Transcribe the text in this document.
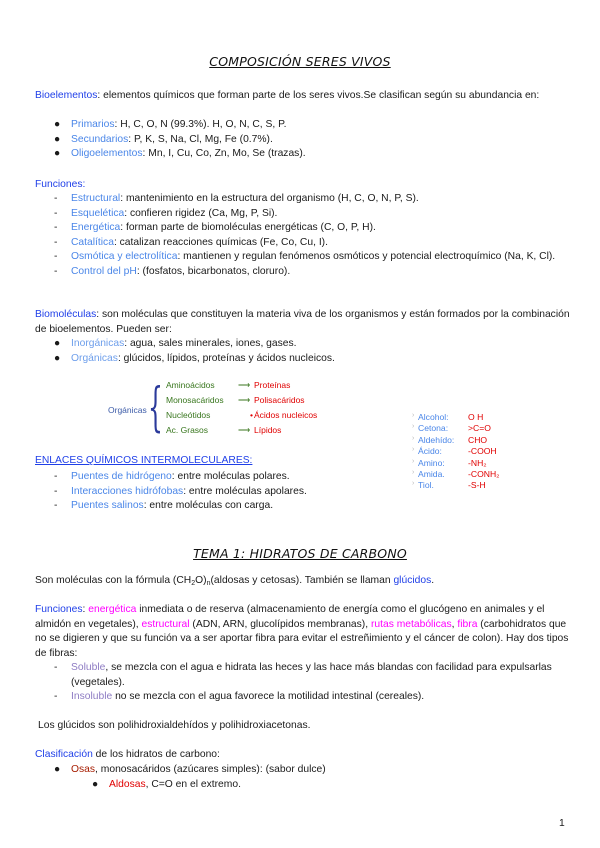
COMPOSICIÓN SERES VIVOS
Bioelementos: elementos químicos que forman parte de los seres vivos.Se clasifican según su abundancia en:
● Primarios: H, C, O, N (99.3%). H, O, N, C, S, P.
● Secundarios: P, K, S, Na, Cl, Mg, Fe (0.7%).
● Oligoelementos: Mn, I, Cu, Co, Zn, Mo, Se (trazas).
Funciones:
- Estructural: mantenimiento en la estructura del organismo (H, C, O, N, P, S).
- Esquelética: confieren rigidez (Ca, Mg, P, Si).
- Energética: forman parte de biomoléculas energéticas (C, O, P, H).
- Catalítica: catalizan reacciones químicas (Fe, Co, Cu, I).
- Osmótica y electrolítica: mantienen y regulan fenómenos osmóticos y potencial electroquímico (Na, K, Cl).
- Control del pH: (fosfatos, bicarbonatos, cloruro).
Biomoléculas: son moléculas que constituyen la materia viva de los organismos y están formados por la combinación de bioelementos. Pueden ser:
● Inorgánicas: agua, sales minerales, iones, gases.
● Orgánicas: glúcidos, lípidos, proteínas y ácidos nucleicos.
Orgánicas { Aminoácidos	⟶ Proteínas
Monosacáridos ⟶ Polisacáridos
Nucleótidos	• Ácidos nucleicos
Ac. Grasos	⟶ Lípidos
› Alcohol: O H
› Cetona: >C=O
› Aldehído: CHO
› Ácido:	-COOH
› Amino:	-NH₂
› Amida.	-CONH₂
› Tiol.	-S-H
ENLACES QUÍMICOS INTERMOLECULARES:
- Puentes de hidrógeno: entre moléculas polares.
- Interacciones hidrófobas: entre moléculas apolares.
- Puentes salinos: entre moléculas con carga.
TEMA 1: HIDRATOS DE CARBONO
Son moléculas con la fórmula $(CH_2O)_n(aldosas$ y cetosas). También se llaman glúcidos.
Funciones: energética inmediata o de reserva (almacenamiento de energía como el glucógeno en animales y el almidón en vegetales), estructural (ADN, ARN, glucolípidos membranas), rutas metabólicas, fibra (carbohidratos que no se digieren y que su función va a ser aportar fibra para evitar el estreñimiento y el cáncer de colon). Hay dos tipos de fibras:
- Soluble, se mezcla con el agua e hidrata las heces y las hace más blandas con facilidad para expulsarlas (vegetales).
- Insoluble no se mezcla con el agua favorece la motilidad intestinal (cereales).
Los glúcidos son polihidroxialdehídos y polihidroxiacetonas.
Clasificación de los hidratos de carbono:
● Osas, monosacáridos (azúcares simples): (sabor dulce)
● Aldosas, C=O en el extremo.
1
